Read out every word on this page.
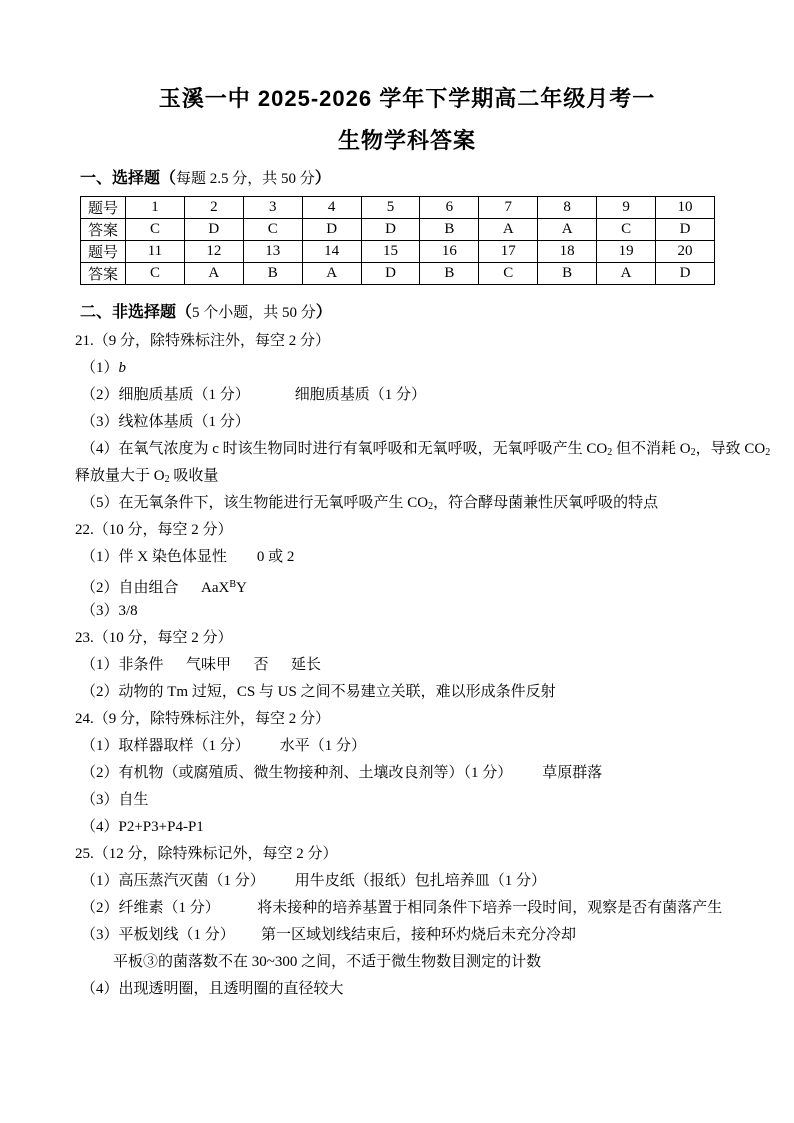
玉溪一中 2025-2026 学年下学期高二年级月考一
生物学科答案
一、选择题（每题 2.5 分，共 50 分）
题号	1	2	3	4	5	6	7	8	9	10
答案	C	D	C	D	D	B	A	A	C	D
题号	11	12	13	14	15	16	17	18	19	20
答案	C	A	B	A	D	B	C	B	A	D
二、非选择题（5 个小题，共 50 分）
21.（9 分，除特殊标注外，每空 2 分）
（1）b
（2）细胞质基质（1 分）            细胞质基质（1 分）
（3）线粒体基质（1 分）
（4）在氧气浓度为 c 时该生物同时进行有氧呼吸和无氧呼吸，无氧呼吸产生 CO2 但不消耗 O2，导致 CO2
释放量大于 O2 吸收量
（5）在无氧条件下，该生物能进行无氧呼吸产生 CO2，符合酵母菌兼性厌氧呼吸的特点
22.（10 分，每空 2 分）
（1）伴 X 染色体显性        0 或 2
（2）自由组合      AaX$^B$Y
（3）3/8
23.（10 分，每空 2 分）
（1）非条件      气味甲      否      延长
（2）动物的 Tm 过短，CS 与 US 之间不易建立关联，难以形成条件反射
24.（9 分，除特殊标注外，每空 2 分）
（1）取样器取样（1 分）        水平（1 分）
（2）有机物（或腐殖质、微生物接种剂、土壤改良剂等）（1 分）        草原群落
（3）自生
（4）P2+P3+P4-P1
25.（12 分，除特殊标记外，每空 2 分）
（1）高压蒸汽灭菌（1 分）        用牛皮纸（报纸）包扎培养皿（1 分）
（2）纤维素（1 分）          将未接种的培养基置于相同条件下培养一段时间，观察是否有菌落产生
（3）平板划线（1 分）       第一区域划线结束后，接种环灼烧后未充分冷却
平板③的菌落数不在 30~300 之间，不适于微生物数目测定的计数
（4）出现透明圈，且透明圈的直径较大
